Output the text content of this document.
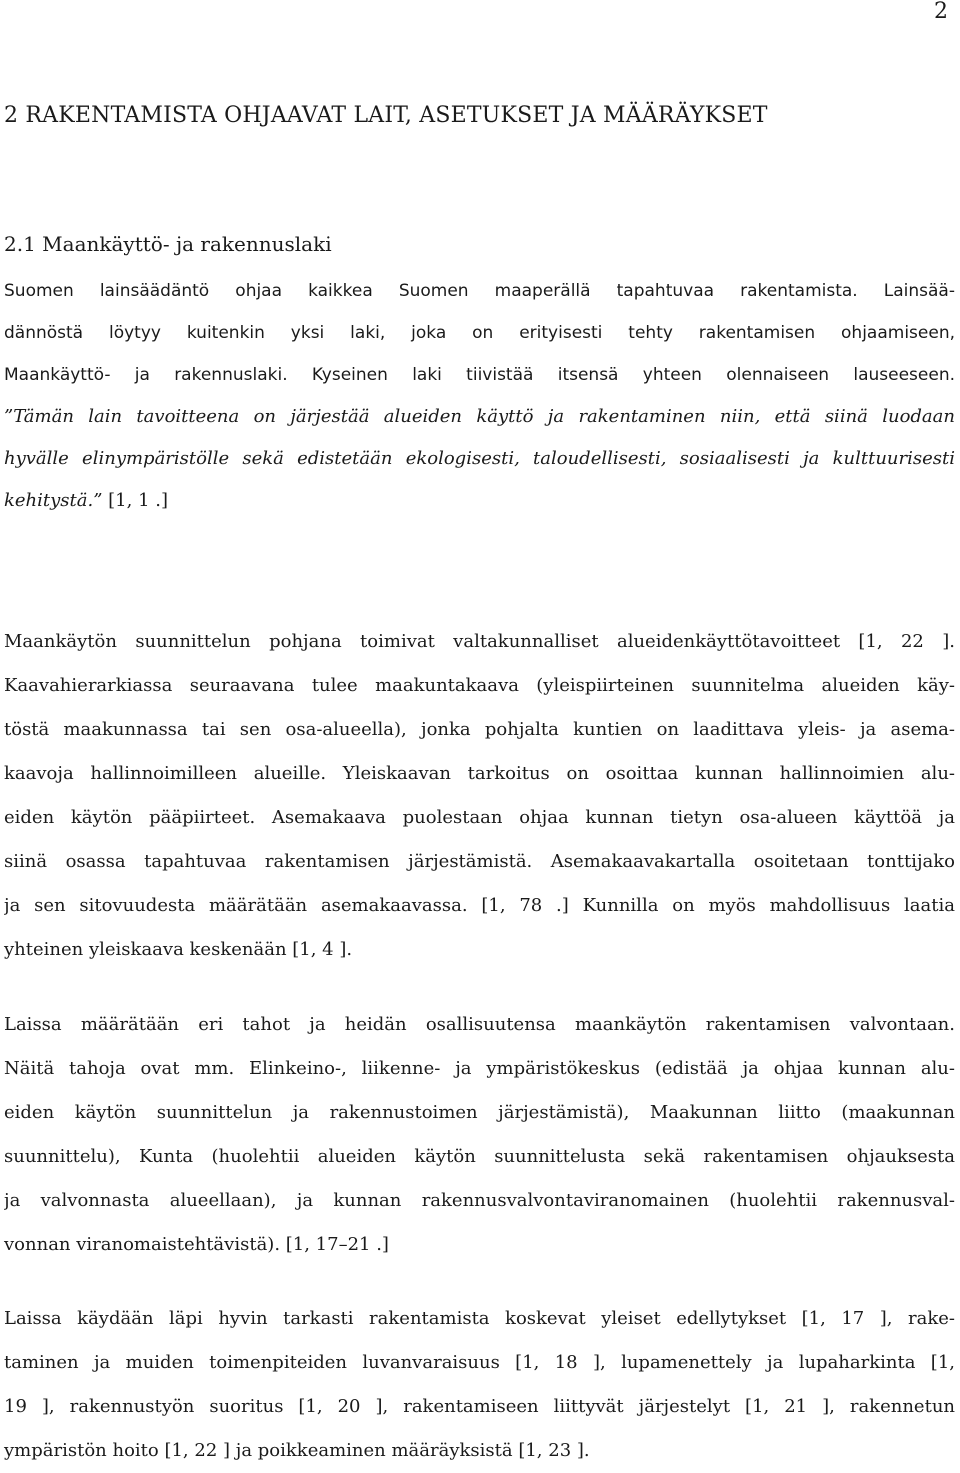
2
2 RAKENTAMISTA OHJAAVAT LAIT, ASETUKSET JA MÄÄRÄYKSET
2.1 Maankäyttö- ja rakennuslaki
Suomen lainsäädäntö ohjaa kaikkea Suomen maaperällä tapahtuvaa rakentamista. Lainsää-
dännöstä löytyy kuitenkin yksi laki, joka on erityisesti tehty rakentamisen ohjaamiseen,
Maankäyttö- ja rakennuslaki. Kyseinen laki tiivistää itsensä yhteen olennaiseen lauseeseen.
”Tämän lain tavoitteena on järjestää alueiden käyttö ja rakentaminen niin, että siinä luodaan
hyvälle elinympäristölle sekä edistetään ekologisesti, taloudellisesti, sosiaalisesti ja kulttuurisesti
kehitystä.” [1, 1 .]
Maankäytön suunnittelun pohjana toimivat valtakunnalliset alueidenkäyttötavoitteet [1, 22 ].
Kaavahierarkiassa seuraavana tulee maakuntakaava (yleispiirteinen suunnitelma alueiden käy-
töstä maakunnassa tai sen osa-alueella), jonka pohjalta kuntien on laadittava yleis- ja asema-
kaavoja hallinnoimilleen alueille. Yleiskaavan tarkoitus on osoittaa kunnan hallinnoimien alu-
eiden käytön pääpiirteet. Asemakaava puolestaan ohjaa kunnan tietyn osa-alueen käyttöä ja
siinä osassa tapahtuvaa rakentamisen järjestämistä. Asemakaavakartalla osoitetaan tonttijako
ja sen sitovuudesta määrätään asemakaavassa. [1, 78 .] Kunnilla on myös mahdollisuus laatia
yhteinen yleiskaava keskenään [1, 4 ].
Laissa määrätään eri tahot ja heidän osallisuutensa maankäytön rakentamisen valvontaan.
Näitä tahoja ovat mm. Elinkeino-, liikenne- ja ympäristökeskus (edistää ja ohjaa kunnan alu-
eiden käytön suunnittelun ja rakennustoimen järjestämistä), Maakunnan liitto (maakunnan
suunnittelu), Kunta (huolehtii alueiden käytön suunnittelusta sekä rakentamisen ohjauksesta
ja valvonnasta alueellaan), ja kunnan rakennusvalvontaviranomainen (huolehtii rakennusval-
vonnan viranomaistehtävistä). [1, 17–21 .]
Laissa käydään läpi hyvin tarkasti rakentamista koskevat yleiset edellytykset [1, 17 ], rake-
taminen ja muiden toimenpiteiden luvanvaraisuus [1, 18 ], lupamenettely ja lupaharkinta [1,
19 ], rakennustyön suoritus [1, 20 ], rakentamiseen liittyvät järjestelyt [1, 21 ], rakennetun
ympäristön hoito [1, 22 ] ja poikkeaminen määräyksistä [1, 23 ].
